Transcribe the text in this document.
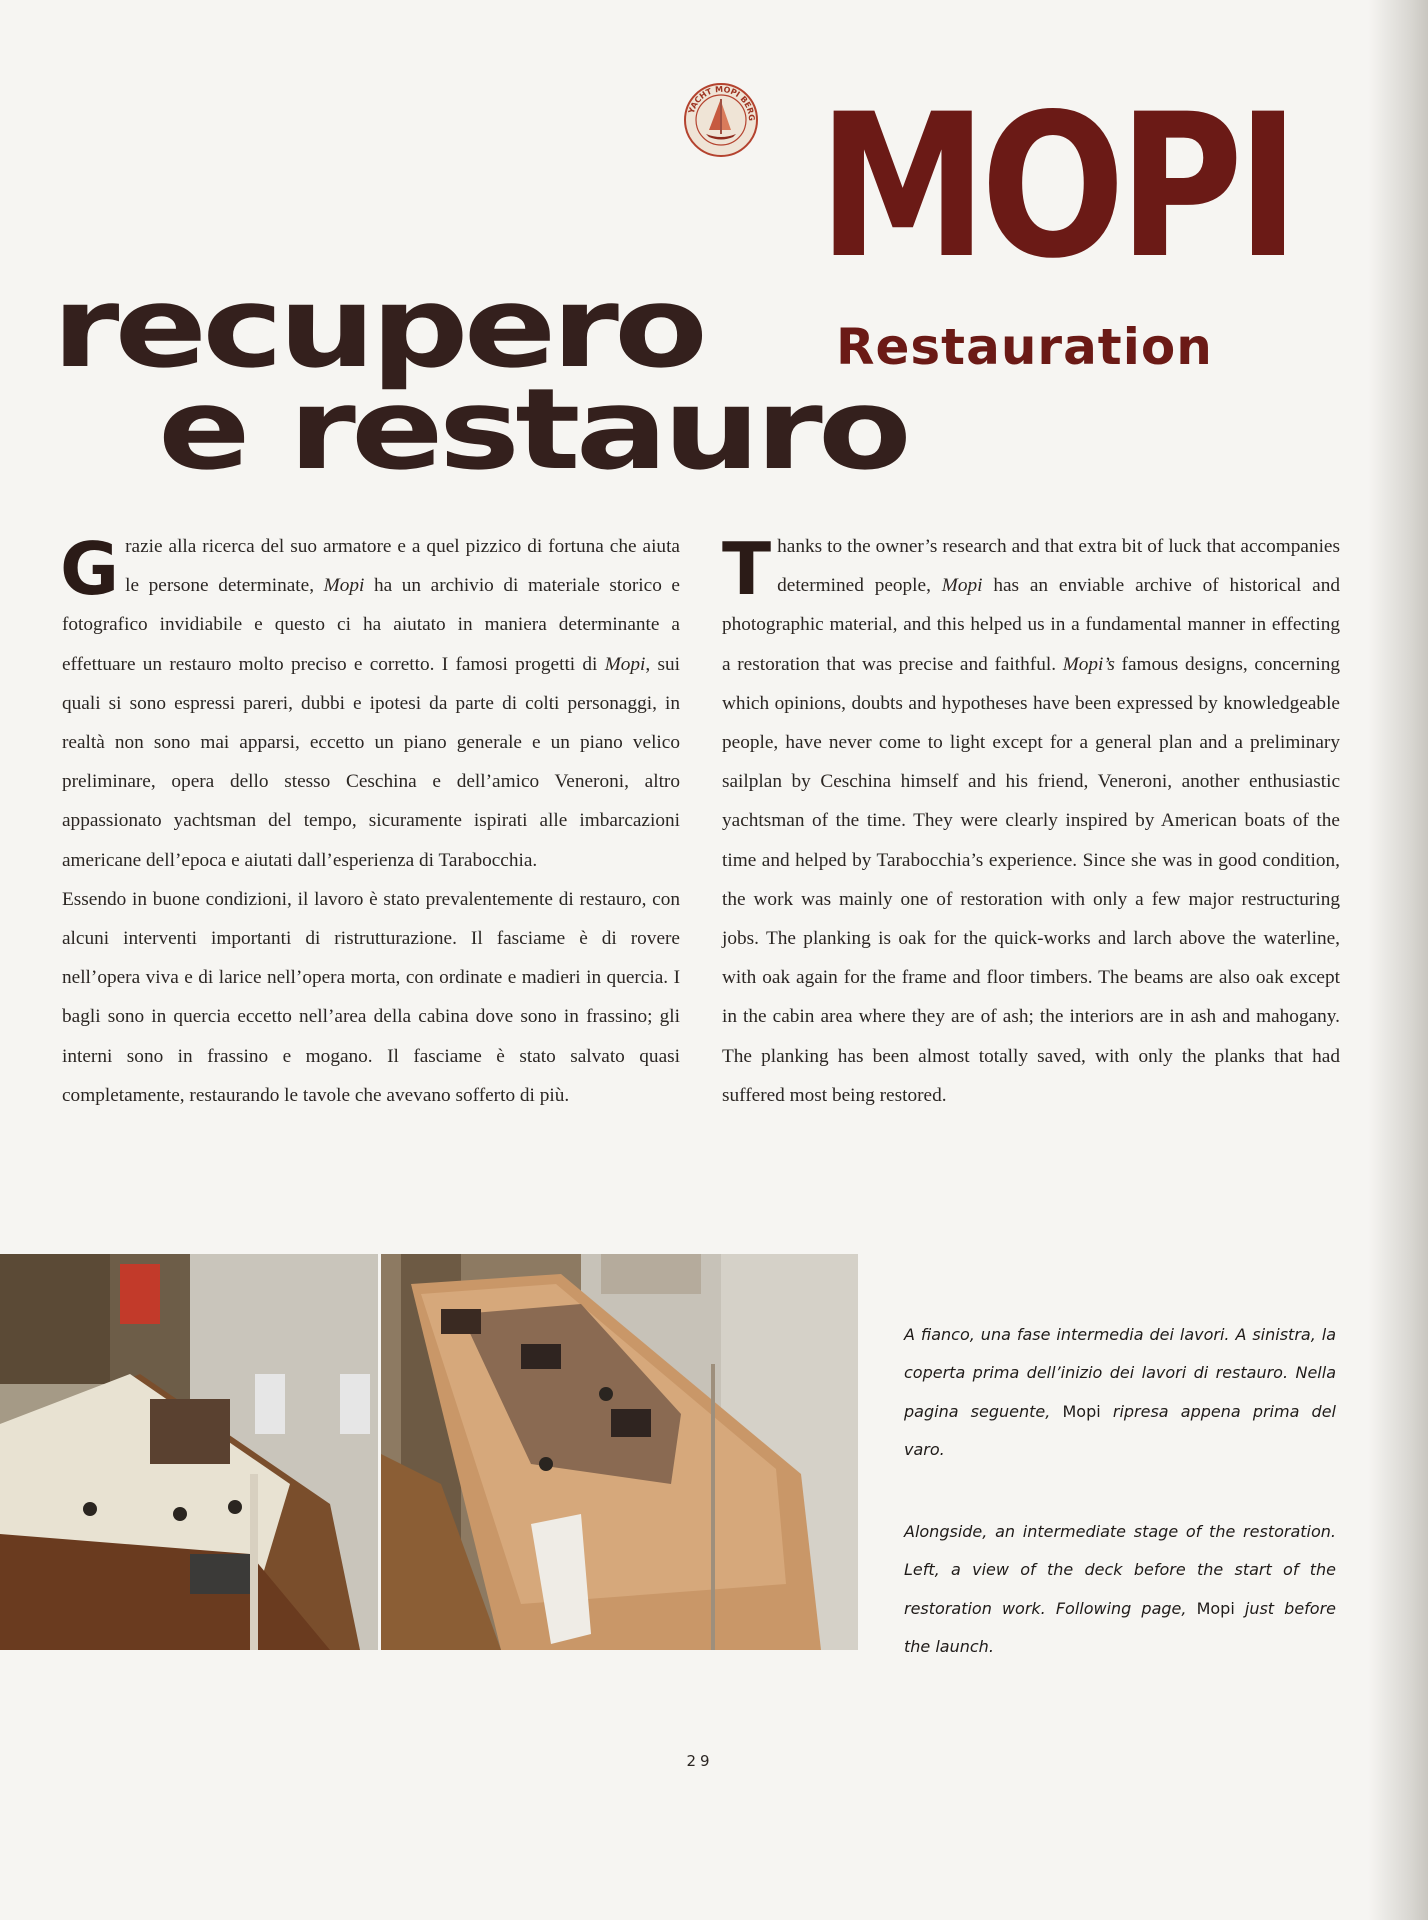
YACHT MOPI BERG MOPI
recupero
e restauro
Restauration

Grazie alla ricerca del suo armatore e a quel pizzico di fortuna che aiuta le persone determinate, Mopi ha un archivio di materiale storico e fotografico invidiabile e questo ci ha aiutato in maniera determinante a effettuare un restauro molto preciso e corretto. I famosi progetti di Mopi, sui quali si sono espressi pareri, dubbi e ipotesi da parte di colti personaggi, in realtà non sono mai apparsi, eccetto un piano generale e un piano velico preliminare, opera dello stesso Ceschina e dell’amico Veneroni, altro appassionato yachtsman del tempo, sicuramente ispirati alle imbarcazioni americane dell’epoca e aiutati dall’esperienza di Tarabocchia.

Essendo in buone condizioni, il lavoro è stato prevalentemente di restauro, con alcuni interventi importanti di ristrutturazione. Il fasciame è di rovere nell’opera viva e di larice nell’opera morta, con ordinate e madieri in quercia. I bagli sono in quercia eccetto nell’area della cabina dove sono in frassino; gli interni sono in frassino e mogano. Il fasciame è stato salvato quasi completamente, restaurando le tavole che avevano sofferto di più.

Thanks to the owner’s research and that extra bit of luck that accompanies determined people, Mopi has an enviable archive of historical and photographic material, and this helped us in a fundamental manner in effecting a restoration that was precise and faithful. Mopi’s famous designs, concerning which opinions, doubts and hypotheses have been expressed by knowledgeable people, have never come to light except for a general plan and a preliminary sailplan by Ceschina himself and his friend, Veneroni, another enthusiastic yachtsman of the time. They were clearly inspired by American boats of the time and helped by Tarabocchia’s experience. Since she was in good condition, the work was mainly one of restoration with only a few major restructuring jobs. The planking is oak for the quick-works and larch above the waterline, with oak again for the frame and floor timbers. The beams are also oak except in the cabin area where they are of ash; the interiors are in ash and mahogany. The planking has been almost totally saved, with only the planks that had suffered most being restored.

A fianco, una fase intermedia dei lavori. A sinistra, la coperta prima dell’inizio dei lavori di restauro. Nella pagina seguente, Mopi ripresa appena prima del varo.

Alongside, an intermediate stage of the restoration. Left, a view of the deck before the start of the restoration work. Following page, Mopi just before the launch.

29
